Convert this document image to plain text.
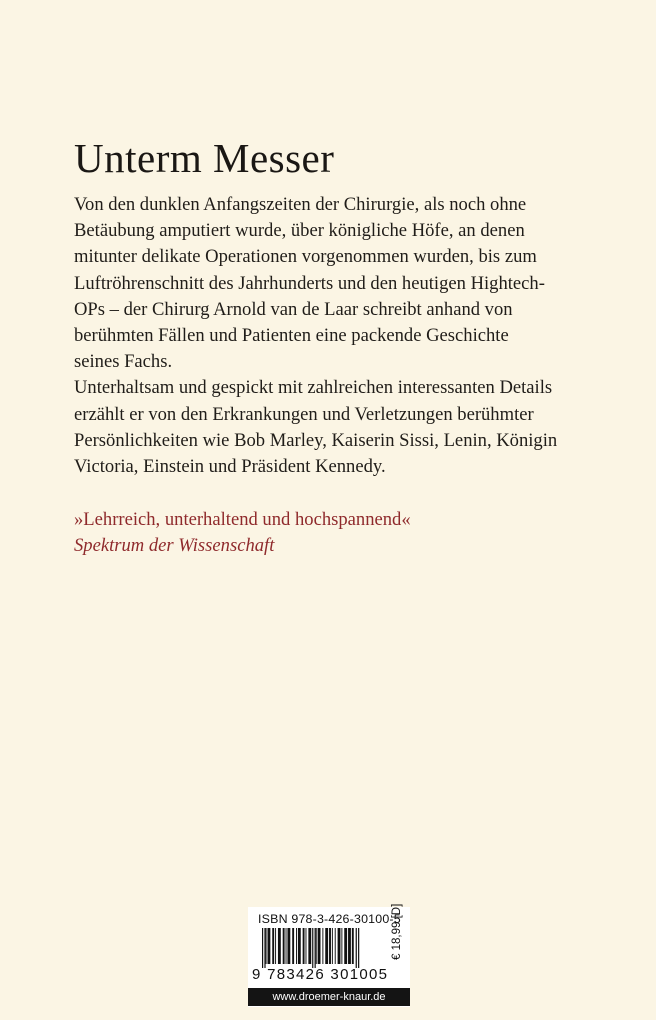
Unterm Messer
Von den dunklen Anfangszeiten der Chirurgie, als noch ohne
Betäubung amputiert wurde, über königliche Höfe, an denen
mitunter delikate Operationen vorgenommen wurden, bis zum
Luftröhrenschnitt des Jahrhunderts und den heutigen Hightech-
OPs – der Chirurg Arnold van de Laar schreibt anhand von
berühmten Fällen und Patienten eine packende Geschichte
seines Fachs.
Unterhaltsam und gespickt mit zahlreichen interessanten Details
erzählt er von den Erkrankungen und Verletzungen berühmter
Persönlichkeiten wie Bob Marley, Kaiserin Sissi, Lenin, Königin
Victoria, Einstein und Präsident Kennedy.
»Lehrreich, unterhaltend und hochspannend«
Spektrum der Wissenschaft
ISBN 978-3-426-30100-5
9 783426 301005
€ 18,99 [D]
www.droemer-knaur.de
